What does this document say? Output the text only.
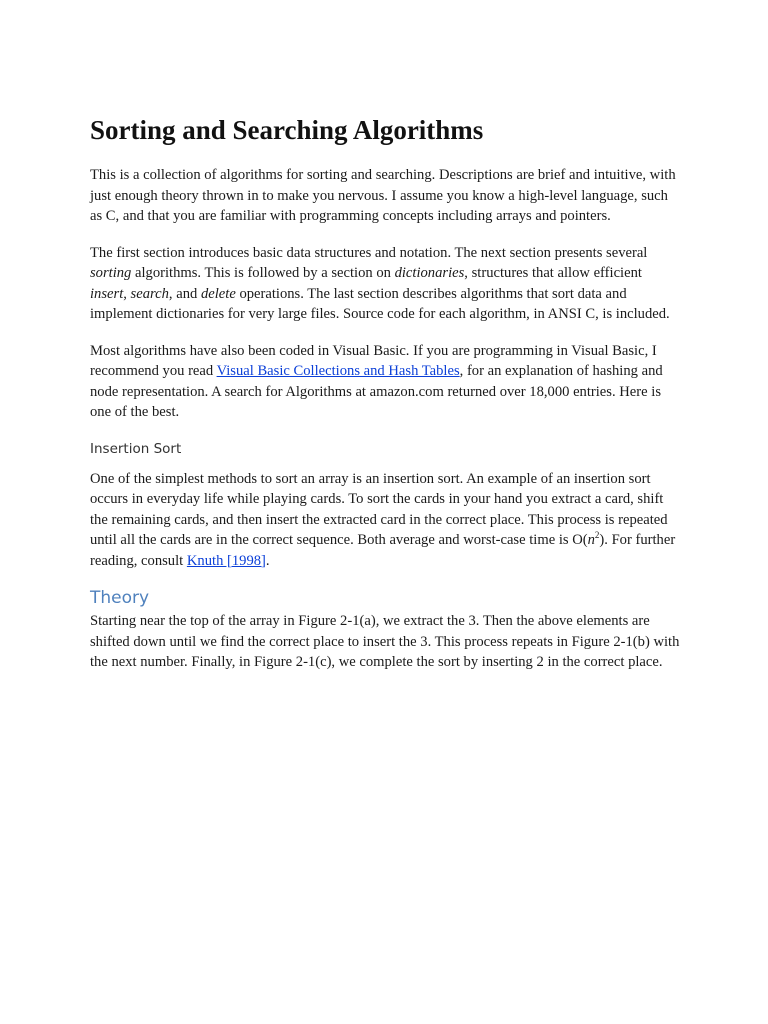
Sorting and Searching Algorithms

This is a collection of algorithms for sorting and searching. Descriptions are brief and intuitive, with just enough theory thrown in to make you nervous. I assume you know a high-level language, such as C, and that you are familiar with programming concepts including arrays and pointers.

The first section introduces basic data structures and notation. The next section presents several sorting algorithms. This is followed by a section on dictionaries, structures that allow efficient insert, search, and delete operations. The last section describes algorithms that sort data and implement dictionaries for very large files. Source code for each algorithm, in ANSI C, is included.

Most algorithms have also been coded in Visual Basic. If you are programming in Visual Basic, I recommend you read Visual Basic Collections and Hash Tables, for an explanation of hashing and node representation. A search for Algorithms at amazon.com returned over 18,000 entries. Here is one of the best.

Insertion Sort

One of the simplest methods to sort an array is an insertion sort. An example of an insertion sort occurs in everyday life while playing cards. To sort the cards in your hand you extract a card, shift the remaining cards, and then insert the extracted card in the correct place. This process is repeated until all the cards are in the correct sequence. Both average and worst-case time is $O(n^2)$. For further reading, consult Knuth [1998].

Theory

Starting near the top of the array in Figure 2-1(a), we extract the 3. Then the above elements are shifted down until we find the correct place to insert the 3. This process repeats in Figure 2-1(b) with the next number. Finally, in Figure 2-1(c), we complete the sort by inserting 2 in the correct place.
